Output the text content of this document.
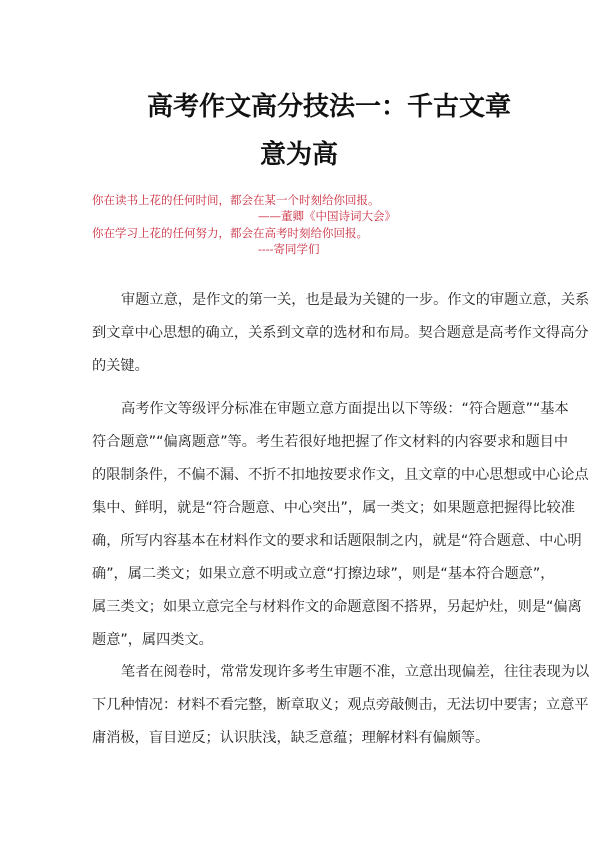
高考作文高分技法一：千古文章
意为高
你在读书上花的任何时间，都会在某一个时刻给你回报。
——董卿《中国诗词大会》
你在学习上花的任何努力，都会在高考时刻给你回报。
----寄同学们
审题立意，是作文的第一关，也是最为关键的一步。作文的审题立意，关系
到文章中心思想的确立，关系到文章的选材和布局。契合题意是高考作文得高分
的关键。
高考作文等级评分标准在审题立意方面提出以下等级：“符合题意”“基本
符合题意”“偏离题意”等。考生若很好地把握了作文材料的内容要求和题目中
的限制条件，不偏不漏、不折不扣地按要求作文，且文章的中心思想或中心论点
集中、鲜明，就是“符合题意、中心突出”，属一类文；如果题意把握得比较准
确，所写内容基本在材料作文的要求和话题限制之内，就是“符合题意、中心明
确”，属二类文；如果立意不明或立意“打擦边球”，则是“基本符合题意”，
属三类文；如果立意完全与材料作文的命题意图不搭界，另起炉灶，则是“偏离
题意”，属四类文。
笔者在阅卷时，常常发现许多考生审题不准，立意出现偏差，往往表现为以
下几种情况：材料不看完整，断章取义；观点旁敲侧击，无法切中要害；立意平
庸消极，盲目逆反；认识肤浅，缺乏意蕴；理解材料有偏颇等。
